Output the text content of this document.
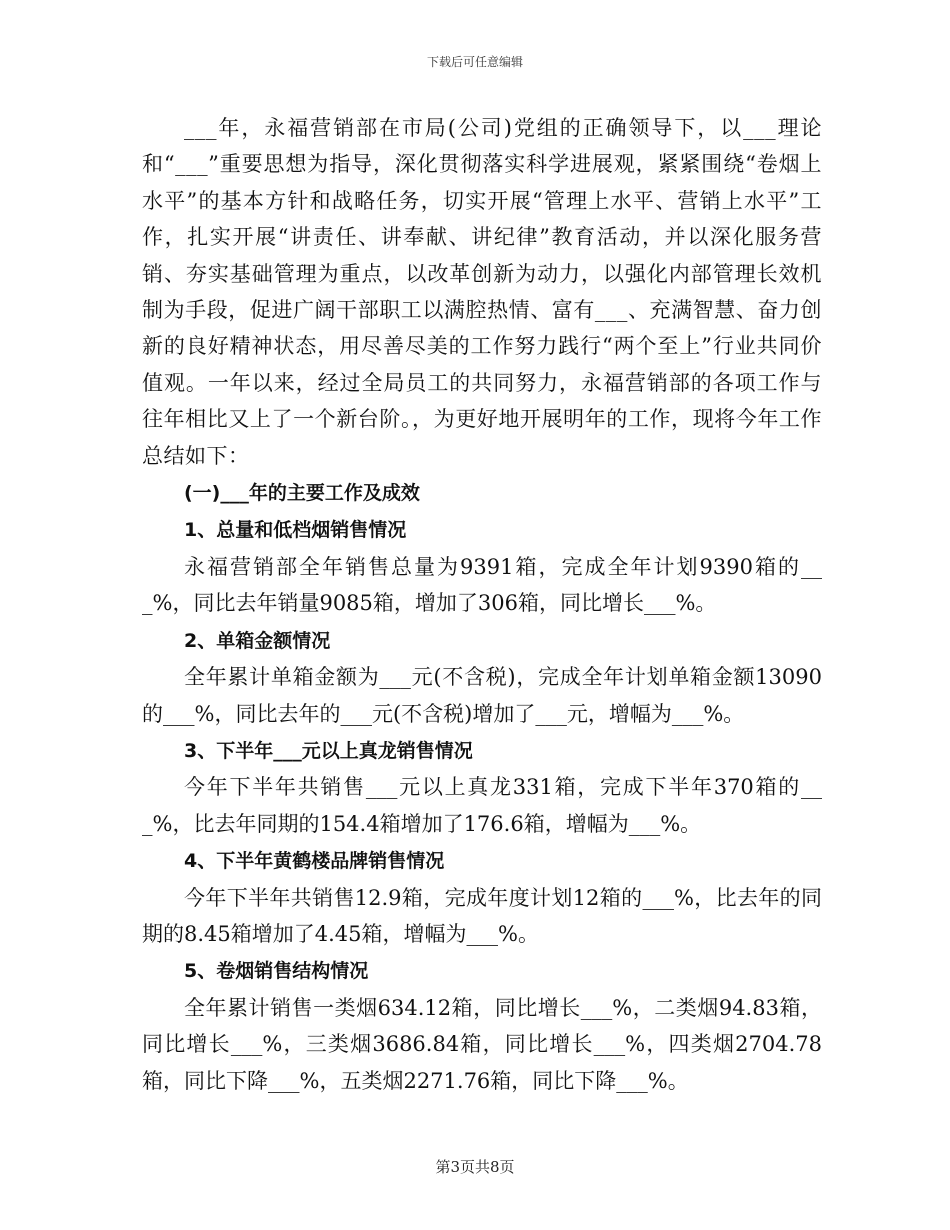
下载后可任意编辑

___年，永福营销部在市局(公司)党组的正确领导下，以___理论和“___”重要思想为指导，深化贯彻落实科学进展观，紧紧围绕“卷烟上水平”的基本方针和战略任务，切实开展“管理上水平、营销上水平”工作，扎实开展“讲责任、讲奉献、讲纪律”教育活动，并以深化服务营销、夯实基础管理为重点，以改革创新为动力，以强化内部管理长效机制为手段，促进广阔干部职工以满腔热情、富有___、充满智慧、奋力创新的良好精神状态，用尽善尽美的工作努力践行“两个至上”行业共同价值观。一年以来，经过全局员工的共同努力，永福营销部的各项工作与往年相比又上了一个新台阶。，为更好地开展明年的工作，现将今年工作总结如下：

(一)___年的主要工作及成效

1、总量和低档烟销售情况

永福营销部全年销售总量为9391箱，完成全年计划9390箱的___%，同比去年销量9085箱，增加了306箱，同比增长___%。

2、单箱金额情况

全年累计单箱金额为___元(不含税)，完成全年计划单箱金额13090的___%，同比去年的___元(不含税)增加了___元，增幅为___%。

3、下半年___元以上真龙销售情况

今年下半年共销售___元以上真龙331箱，完成下半年370箱的___%，比去年同期的154.4箱增加了176.6箱，增幅为___%。

4、下半年黄鹤楼品牌销售情况

今年下半年共销售12.9箱，完成年度计划12箱的___%，比去年的同期的8.45箱增加了4.45箱，增幅为___%。

5、卷烟销售结构情况

全年累计销售一类烟634.12箱，同比增长___%，二类烟94.83箱，同比增长___%，三类烟3686.84箱，同比增长___%，四类烟2704.78箱，同比下降___%，五类烟2271.76箱，同比下降___%。

第3页共8页
